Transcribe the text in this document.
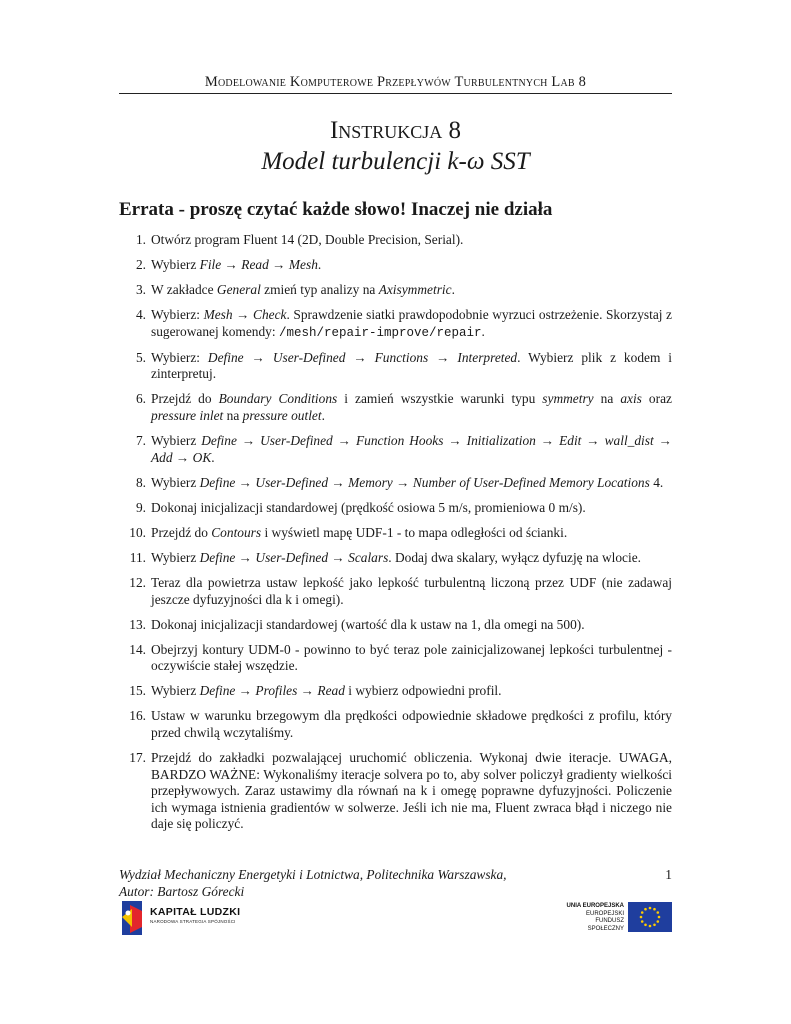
Modelowanie Komputerowe Przepływów Turbulentnych Lab 8
Instrukcja 8
Model turbulencji k-ω SST
Errata - proszę czytać każde słowo! Inaczej nie działa
1. Otwórz program Fluent 14 (2D, Double Precision, Serial).
2. Wybierz File → Read → Mesh.
3. W zakładce General zmień typ analizy na Axisymmetric.
4. Wybierz: Mesh → Check. Sprawdzenie siatki prawdopodobnie wyrzuci ostrzeżenie. Skorzystaj z sugerowanej komendy: /mesh/repair-improve/repair.
5. Wybierz: Define → User-Defined → Functions → Interpreted. Wybierz plik z kodem i zinterpretuj.
6. Przejdź do Boundary Conditions i zamień wszystkie warunki typu symmetry na axis oraz pressure inlet na pressure outlet.
7. Wybierz Define → User-Defined → Function Hooks → Initialization → Edit → wall_dist → Add → OK.
8. Wybierz Define → User-Defined → Memory → Number of User-Defined Memory Locations 4.
9. Dokonaj inicjalizacji standardowej (prędkość osiowa 5 m/s, promieniowa 0 m/s).
10. Przejdź do Contours i wyświetl mapę UDF-1 - to mapa odległości od ścianki.
11. Wybierz Define → User-Defined → Scalars. Dodaj dwa skalary, wyłącz dyfuzję na wlocie.
12. Teraz dla powietrza ustaw lepkość jako lepkość turbulentną liczoną przez UDF (nie zadawaj jeszcze dyfuzyjności dla k i omegi).
13. Dokonaj inicjalizacji standardowej (wartość dla k ustaw na 1, dla omegi na 500).
14. Obejrzyj kontury UDM-0 - powinno to być teraz pole zainicjalizowanej lepkości turbulentnej - oczywiście stałej wszędzie.
15. Wybierz Define → Profiles → Read i wybierz odpowiedni profil.
16. Ustaw w warunku brzegowym dla prędkości odpowiednie składowe prędkości z profilu, który przed chwilą wczytaliśmy.
17. Przejdź do zakładki pozwalającej uruchomić obliczenia. Wykonaj dwie iteracje. UWAGA, BARDZO WAŻNE: Wykonaliśmy iteracje solvera po to, aby solver policzył gradienty wielkości przepływowych. Zaraz ustawimy dla równań na k i omegę poprawne dyfuzyjności. Policzenie ich wymaga istnienia gradientów w solwerze. Jeśli ich nie ma, Fluent zwraca błąd i niczego nie daje się policzyć.
Wydział Mechaniczny Energetyki i Lotnictwa, Politechnika Warszawska,
Autor: Bartosz Górecki
1
KAPITAŁ LUDZKI
NARODOWA STRATEGIA SPÓJNOŚCI
UNIA EUROPEJSKA
EUROPEJSKI
FUNDUSZ SPOŁECZNY
